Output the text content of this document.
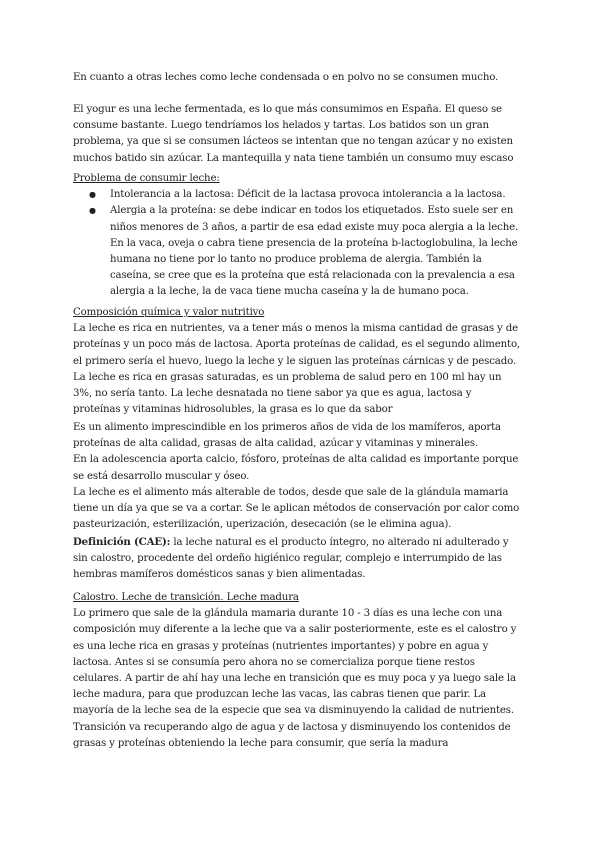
En cuanto a otras leches como leche condensada o en polvo no se consumen mucho.

El yogur es una leche fermentada, es lo que más consumimos en España. El queso se consume bastante. Luego tendríamos los helados y tartas. Los batidos son un gran problema, ya que si se consumen lácteos se intentan que no tengan azúcar y no existen muchos batido sin azúcar. La mantequilla y nata tiene también un consumo muy escaso

Problema de consumir leche:

● Intolerancia a la lactosa: Déficit de la lactasa provoca intolerancia a la lactosa.
● Alergia a la proteína: se debe indicar en todos los etiquetados. Esto suele ser en niños menores de 3 años, a partir de esa edad existe muy poca alergia a la leche. En la vaca, oveja o cabra tiene presencia de la proteína b-lactoglobulina, la leche humana no tiene por lo tanto no produce problema de alergia. También la caseína, se cree que es la proteína que está relacionada con la prevalencia a esa alergia a la leche, la de vaca tiene mucha caseína y la de humano poca.

Composición química y valor nutritivo

La leche es rica en nutrientes, va a tener más o menos la misma cantidad de grasas y de proteínas y un poco más de lactosa. Aporta proteínas de calidad, es el segundo alimento, el primero sería el huevo, luego la leche y le siguen las proteínas cárnicas y de pescado. La leche es rica en grasas saturadas, es un problema de salud pero en 100 ml hay un 3%, no sería tanto. La leche desnatada no tiene sabor ya que es agua, lactosa y proteínas y vitaminas hidrosolubles, la grasa es lo que da sabor

Es un alimento imprescindible en los primeros años de vida de los mamíferos, aporta proteínas de alta calidad, grasas de alta calidad, azúcar y vitaminas y minerales.

En la adolescencia aporta calcio, fósforo, proteínas de alta calidad es importante porque se está desarrollo muscular y óseo.

La leche es el alimento más alterable de todos, desde que sale de la glándula mamaria tiene un día ya que se va a cortar. Se le aplican métodos de conservación por calor como pasteurización, esterilización, uperización, desecación (se le elimina agua).

Definición (CAE): la leche natural es el producto íntegro, no alterado ni adulterado y sin calostro, procedente del ordeño higiénico regular, complejo e interrumpido de las hembras mamíferos domésticos sanas y bien alimentadas.

Calostro. Leche de transición. Leche madura

Lo primero que sale de la glándula mamaria durante 10 - 3 días es una leche con una composición muy diferente a la leche que va a salir posteriormente, este es el calostro y es una leche rica en grasas y proteínas (nutrientes importantes) y pobre en agua y lactosa. Antes si se consumía pero ahora no se comercializa porque tiene restos celulares. A partir de ahí hay una leche en transición que es muy poca y ya luego sale la leche madura, para que produzcan leche las vacas, las cabras tienen que parir. La mayoría de la leche sea de la especie que sea va disminuyendo la calidad de nutrientes.

Transición va recuperando algo de agua y de lactosa y disminuyendo los contenidos de grasas y proteínas obteniendo la leche para consumir, que sería la madura
